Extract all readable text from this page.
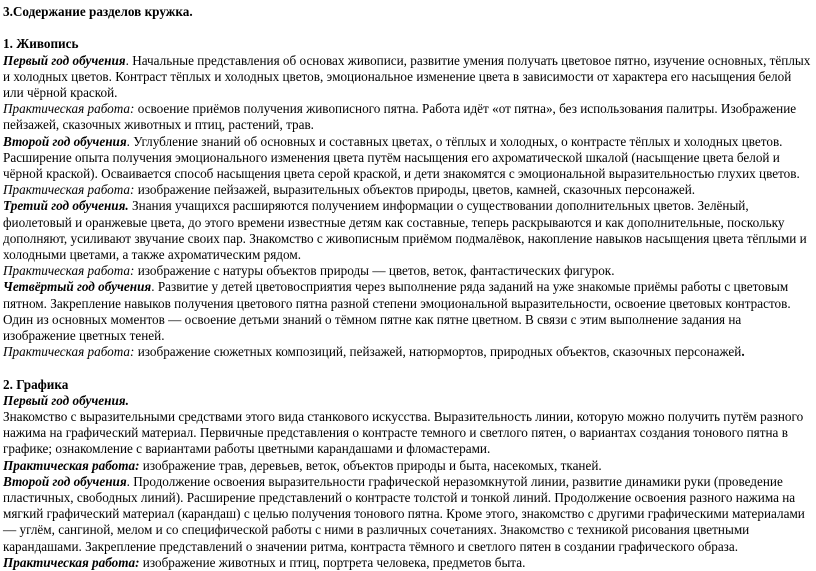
3.Содержание разделов кружка.

1. Живопись

Первый год обучения. Начальные представления об основах живописи, развитие умения получать цветовое пятно, изучение основных, тёплых и холодных цветов. Контраст тёплых и холодных цветов, эмоциональное изменение цвета в зависимости от характера его насыщения белой или чёрной краской.

Практическая работа: освоение приёмов получения живописного пятна. Работа идёт «от пятна», без использования палитры. Изображение пейзажей, сказочных животных и птиц, растений, трав.

Второй год обучения. Углубление знаний об основных и составных цветах, о тёплых и холодных, о контрасте тёплых и холодных цветов. Расширение опыта получения эмоционального изменения цвета путём насыщения его ахроматической шкалой (насыщение цвета белой и чёрной краской). Осваивается способ насыщения цвета серой краской, и дети знакомятся с эмоциональной выразительностью глухих цветов.

Практическая работа: изображение пейзажей, выразительных объектов природы, цветов, камней, сказочных персонажей.

Третий год обучения. Знания учащихся расширяются получением информации о существовании дополнительных цветов. Зелёный, фиолетовый и оранжевые цвета, до этого времени известные детям как составные, теперь раскрываются и как дополнительные, поскольку дополняют, усиливают звучание своих пар. Знакомство с живописным приёмом подмалёвок, накопление навыков насыщения цвета тёплыми и холодными цветами, а также ахроматическим рядом.

Практическая работа: изображение с натуры объектов природы — цветов, веток, фантастических фигурок.

Четвёртый год обучения. Развитие у детей цветовосприятия через выполнение ряда заданий на уже знакомые приёмы работы с цветовым пятном. Закрепление навыков получения цветового пятна разной степени эмоциональной выразительности, освоение цветовых контрастов. Один из основных моментов — освоение детьми знаний о тёмном пятне как пятне цветном. В связи с этим выполнение задания на изображение цветных теней.

Практическая работа: изображение сюжетных композиций, пейзажей, натюрмортов, природных объектов, сказочных персонажей.

2. Графика

Первый год обучения.

Знакомство с выразительными средствами этого вида станкового искусства. Выразительность линии, которую можно получить путём разного нажима на графический материал. Первичные представления о контрасте темного и светлого пятен, о вариантах создания тонового пятна в графике; ознакомление с вариантами работы цветными карандашами и фломастерами.

Практическая работа: изображение трав, деревьев, веток, объектов природы и быта, насекомых, тканей.

Второй год обучения. Продолжение освоения выразительности графической неразомкнутой линии, развитие динамики руки (проведение пластичных, свободных линий). Расширение представлений о контрасте толстой и тонкой линий. Продолжение освоения разного нажима на мягкий графический материал (карандаш) с целью получения тонового пятна. Кроме этого, знакомство с другими графическими материалами — углём, сангиной, мелом и со специфической работы с ними в различных сочетаниях. Знакомство с техникой рисования цветными карандашами. Закрепление представлений о значении ритма, контраста тёмного и светлого пятен в создании графического образа.

Практическая работа: изображение животных и птиц, портрета человека, предметов быта.
